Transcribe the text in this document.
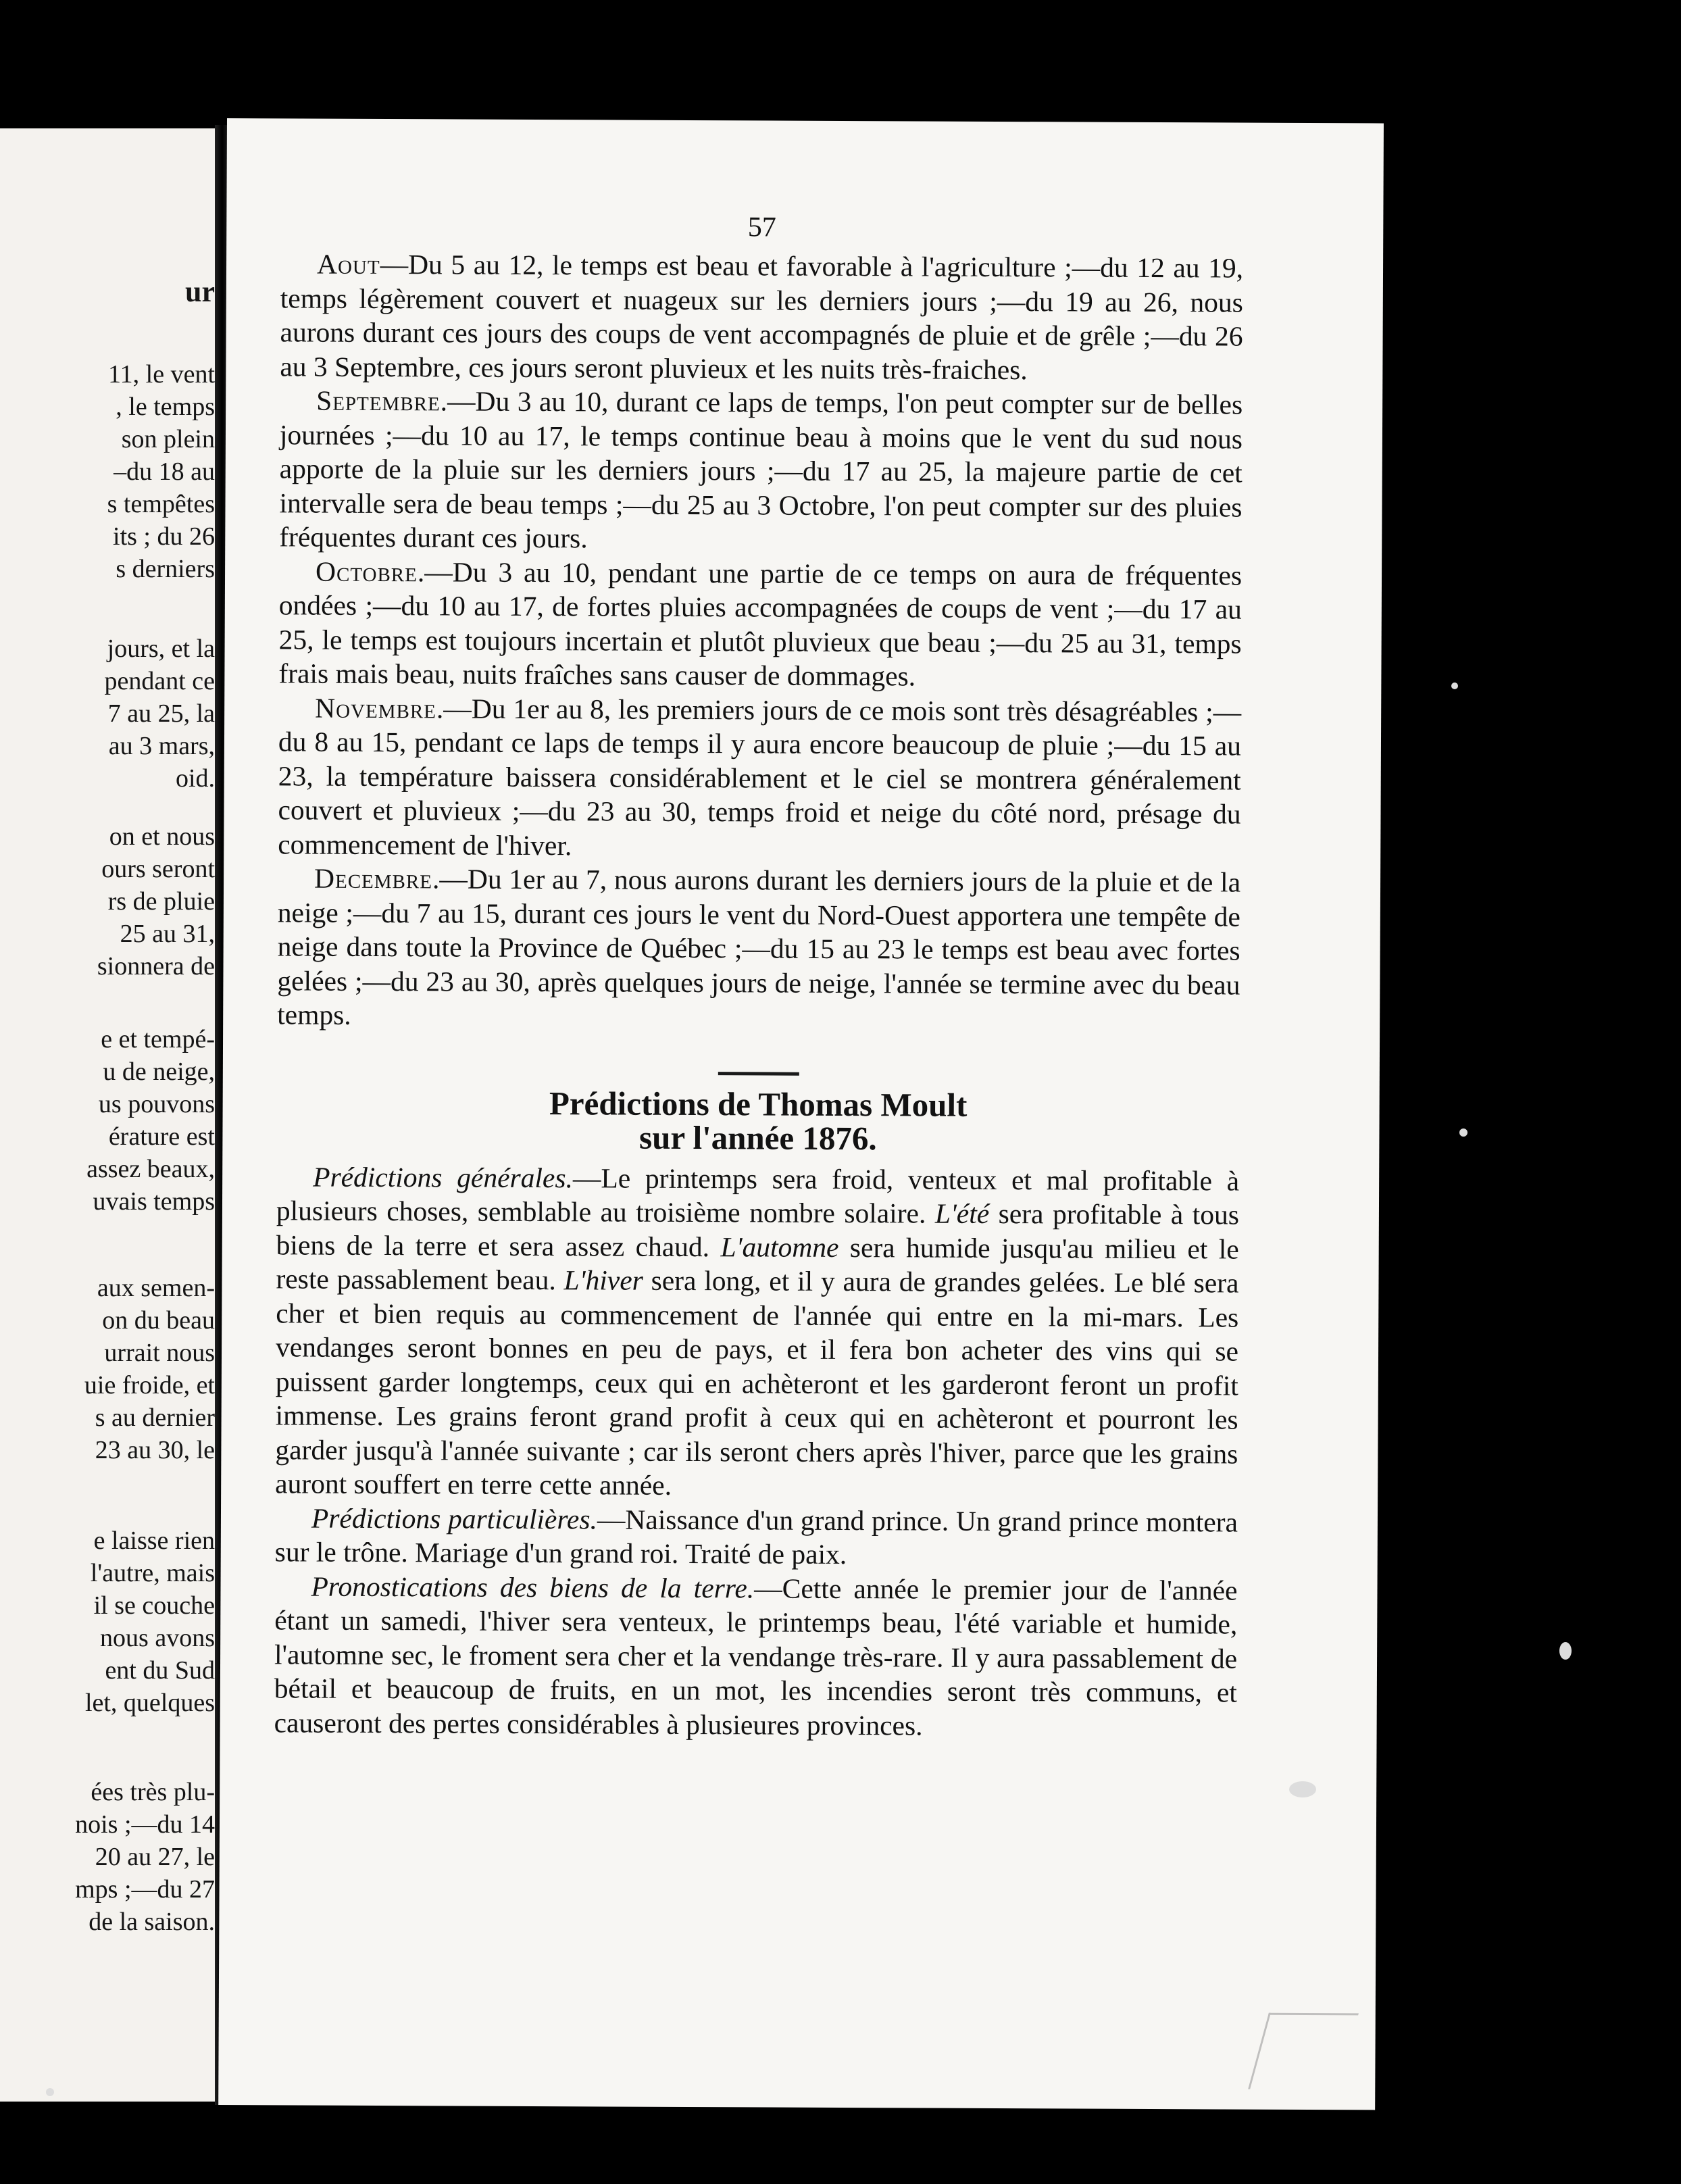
ur

11, le vent

, le temps

son plein

–du 18 au

s tempêtes

its ; du 26

s derniers

jours, et la

pendant ce

7 au 25, la

au 3 mars,

oid.

on et nous

ours seront

rs de pluie

25 au 31,

sionnera de

e et tempé-

u de neige,

us pouvons

érature est

assez beaux,

uvais temps

aux semen-

on du beau

urrait nous

uie froide, et

s au dernier

23 au 30, le

e laisse rien

l'autre, mais

il se couche

nous avons

ent du Sud

let, quelques

ées très plu-

nois ;—du 14

20 au 27, le

mps ;—du 27

de la saison.

57

Aout—Du 5 au 12, le temps est beau et favorable à l'agriculture ;—du 12 au 19, temps légèrement couvert et nuageux sur les derniers jours ;—du 19 au 26, nous aurons durant ces jours des coups de vent accompagnés de pluie et de grêle ;—du 26 au 3 Septembre, ces jours seront pluvieux et les nuits très-fraiches.

Septembre.—Du 3 au 10, durant ce laps de temps, l'on peut compter sur de belles journées ;—du 10 au 17, le temps continue beau à moins que le vent du sud nous apporte de la pluie sur les derniers jours ;—du 17 au 25, la majeure partie de cet intervalle sera de beau temps ;—du 25 au 3 Octobre, l'on peut compter sur des pluies fréquentes durant ces jours.

Octobre.—Du 3 au 10, pendant une partie de ce temps on aura de fréquentes ondées ;—du 10 au 17, de fortes pluies accompagnées de coups de vent ;—du 17 au 25, le temps est toujours incertain et plutôt pluvieux que beau ;—du 25 au 31, temps frais mais beau, nuits fraîches sans causer de dommages.

Novembre.—Du 1er au 8, les premiers jours de ce mois sont très désagréables ;—du 8 au 15, pendant ce laps de temps il y aura encore beaucoup de pluie ;—du 15 au 23, la température baissera considérablement et le ciel se montrera généralement couvert et pluvieux ;—du 23 au 30, temps froid et neige du côté nord, présage du commencement de l'hiver.

Decembre.—Du 1er au 7, nous aurons durant les derniers jours de la pluie et de la neige ;—du 7 au 15, durant ces jours le vent du Nord-Ouest apportera une tempête de neige dans toute la Province de Québec ;—du 15 au 23 le temps est beau avec fortes gelées ;—du 23 au 30, après quelques jours de neige, l'année se termine avec du beau temps.

Prédictions de Thomas Moult
sur l'année 1876.

Prédictions générales.—Le printemps sera froid, venteux et mal profitable à plusieurs choses, semblable au troisième nombre solaire. L'été sera profitable à tous biens de la terre et sera assez chaud. L'automne sera humide jusqu'au milieu et le reste passablement beau. L'hiver sera long, et il y aura de grandes gelées. Le blé sera cher et bien requis au commencement de l'année qui entre en la mi-mars. Les vendanges seront bonnes en peu de pays, et il fera bon acheter des vins qui se puissent garder longtemps, ceux qui en achèteront et les garderont feront un profit immense. Les grains feront grand profit à ceux qui en achèteront et pourront les garder jusqu'à l'année suivante ; car ils seront chers après l'hiver, parce que les grains auront souffert en terre cette année.

Prédictions particulières.—Naissance d'un grand prince. Un grand prince montera sur le trône. Mariage d'un grand roi. Traité de paix.

Pronostications des biens de la terre.—Cette année le premier jour de l'année étant un samedi, l'hiver sera venteux, le printemps beau, l'été variable et humide, l'automne sec, le froment sera cher et la vendange très-rare. Il y aura passablement de bétail et beaucoup de fruits, en un mot, les incendies seront très communs, et causeront des pertes considérables à plusieures provinces.
